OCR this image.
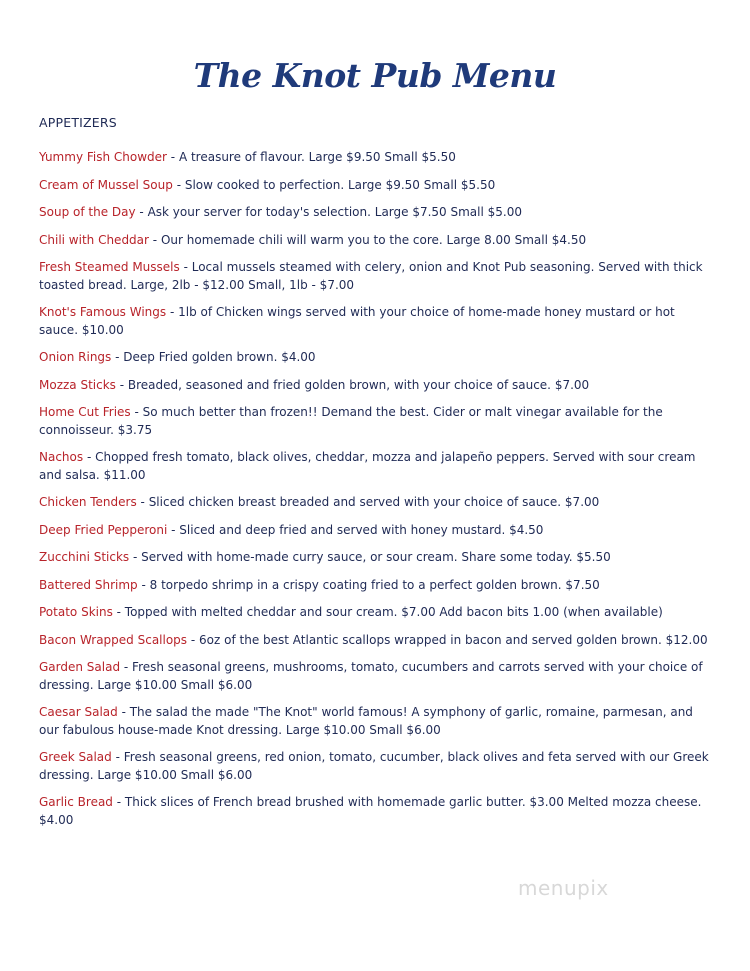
The Knot Pub Menu
APPETIZERS
Yummy Fish Chowder - A treasure of flavour. Large $9.50 Small $5.50
Cream of Mussel Soup - Slow cooked to perfection. Large $9.50 Small $5.50
Soup of the Day - Ask your server for today's selection. Large $7.50 Small $5.00
Chili with Cheddar - Our homemade chili will warm you to the core. Large 8.00 Small $4.50
Fresh Steamed Mussels - Local mussels steamed with celery, onion and Knot Pub seasoning. Served with thick toasted bread. Large, 2lb - $12.00 Small, 1lb - $7.00
Knot's Famous Wings - 1lb of Chicken wings served with your choice of home-made honey mustard or hot sauce. $10.00
Onion Rings - Deep Fried golden brown. $4.00
Mozza Sticks - Breaded, seasoned and fried golden brown, with your choice of sauce. $7.00
Home Cut Fries - So much better than frozen!! Demand the best. Cider or malt vinegar available for the connoisseur. $3.75
Nachos - Chopped fresh tomato, black olives, cheddar, mozza and jalapeño peppers. Served with sour cream and salsa. $11.00
Chicken Tenders - Sliced chicken breast breaded and served with your choice of sauce. $7.00
Deep Fried Pepperoni - Sliced and deep fried and served with honey mustard. $4.50
Zucchini Sticks - Served with home-made curry sauce, or sour cream. Share some today. $5.50
Battered Shrimp - 8 torpedo shrimp in a crispy coating fried to a perfect golden brown. $7.50
Potato Skins - Topped with melted cheddar and sour cream. $7.00 Add bacon bits 1.00 (when available)
Bacon Wrapped Scallops - 6oz of the best Atlantic scallops wrapped in bacon and served golden brown. $12.00
Garden Salad - Fresh seasonal greens, mushrooms, tomato, cucumbers and carrots served with your choice of dressing. Large $10.00 Small $6.00
Caesar Salad - The salad the made "The Knot" world famous! A symphony of garlic, romaine, parmesan, and our fabulous house-made Knot dressing. Large $10.00 Small $6.00
Greek Salad - Fresh seasonal greens, red onion, tomato, cucumber, black olives and feta served with our Greek dressing. Large $10.00 Small $6.00
Garlic Bread - Thick slices of French bread brushed with homemade garlic butter. $3.00 Melted mozza cheese. $4.00
menupix
